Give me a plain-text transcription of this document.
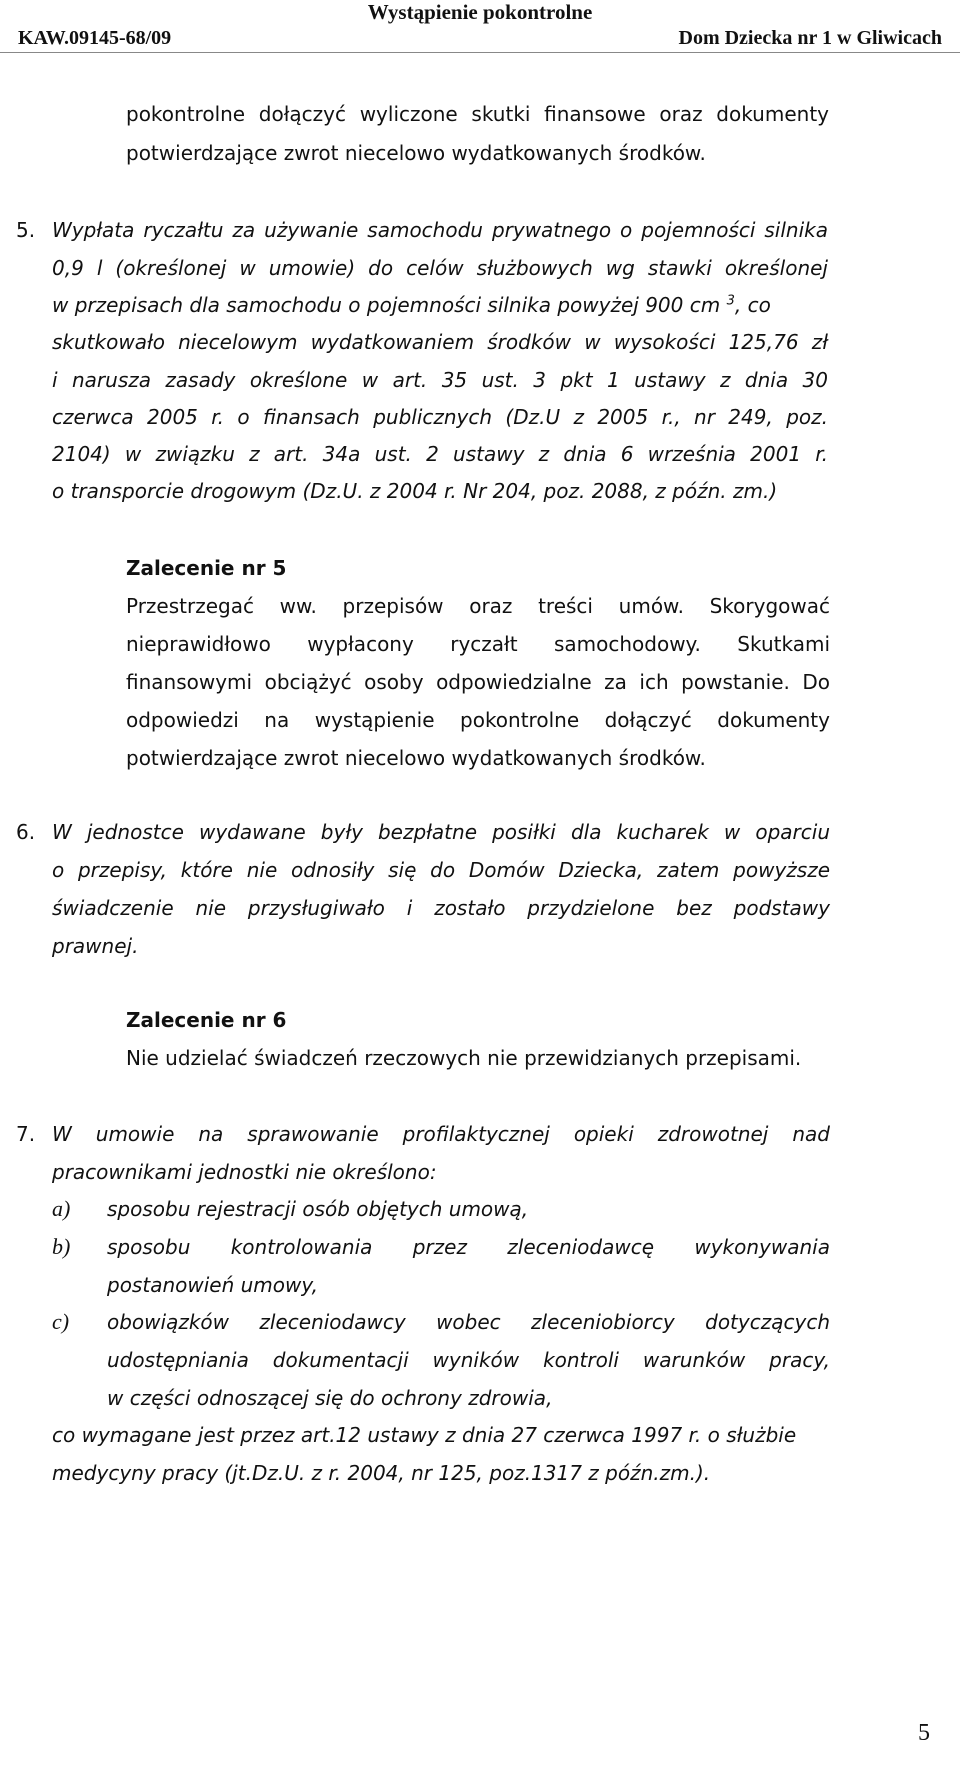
Wystąpienie pokontrolne
KAW.09145-68/09	Dom Dziecka nr 1 w Gliwicach
pokontrolne dołączyć wyliczone skutki finansowe oraz dokumenty
potwierdzające zwrot niecelowo wydatkowanych środków.
5. Wypłata ryczałtu za używanie samochodu prywatnego o pojemności silnika
0,9 l (określonej w umowie) do celów służbowych wg stawki określonej
w przepisach dla samochodu o pojemności silnika powyżej 900 cm $^3$, co
skutkowało niecelowym wydatkowaniem środków w wysokości 125,76 zł
i narusza zasady określone w art. 35 ust. 3 pkt 1 ustawy z dnia 30
czerwca 2005 r. o finansach publicznych (Dz.U z 2005 r., nr 249, poz.
2104) w związku z art. 34a ust. 2 ustawy z dnia 6 września 2001 r.
o transporcie drogowym (Dz.U. z 2004 r. Nr 204, poz. 2088, z późn. zm.)
Zalecenie nr 5
Przestrzegać ww. przepisów oraz treści umów. Skorygować
nieprawidłowo wypłacony ryczałt samochodowy. Skutkami
finansowymi obciążyć osoby odpowiedzialne za ich powstanie. Do
odpowiedzi na wystąpienie pokontrolne dołączyć dokumenty
potwierdzające zwrot niecelowo wydatkowanych środków.
6. W jednostce wydawane były bezpłatne posiłki dla kucharek w oparciu
o przepisy, które nie odnosiły się do Domów Dziecka, zatem powyższe
świadczenie nie przysługiwało i zostało przydzielone bez podstawy
prawnej.
Zalecenie nr 6
Nie udzielać świadczeń rzeczowych nie przewidzianych przepisami.
7. W umowie na sprawowanie profilaktycznej opieki zdrowotnej nad
pracownikami jednostki nie określono:
a) sposobu rejestracji osób objętych umową,
b) sposobu kontrolowania przez zleceniodawcę wykonywania
postanowień umowy,
c) obowiązków zleceniodawcy wobec zleceniobiorcy dotyczących
udostępniania dokumentacji wyników kontroli warunków pracy,
w części odnoszącej się do ochrony zdrowia,
co wymagane jest przez art.12 ustawy z dnia 27 czerwca 1997 r. o służbie
medycyny pracy (jt.Dz.U. z r. 2004, nr 125, poz.1317 z późn.zm.).
5
